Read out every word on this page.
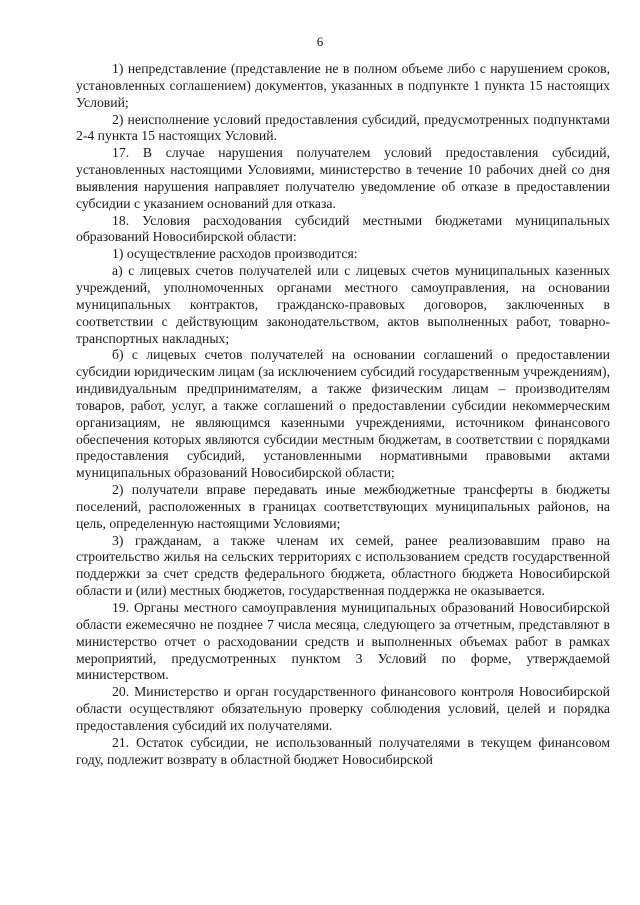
6

1) непредставление (представление не в полном объеме либо с нарушением сроков, установленных соглашением) документов, указанных в подпункте 1 пункта 15 настоящих Условий;

2) неисполнение условий предоставления субсидий, предусмотренных подпунктами 2-4 пункта 15 настоящих Условий.

17. В случае нарушения получателем условий предоставления субсидий, установленных настоящими Условиями, министерство в течение 10 рабочих дней со дня выявления нарушения направляет получателю уведомление об отказе в предоставлении субсидии с указанием оснований для отказа.

18. Условия расходования субсидий местными бюджетами муниципальных образований Новосибирской области:

1) осуществление расходов производится:

а) с лицевых счетов получателей или с лицевых счетов муниципальных казенных учреждений, уполномоченных органами местного самоуправления, на основании муниципальных контрактов, гражданско-правовых договоров, заключенных в соответствии с действующим законодательством, актов выполненных работ, товарно-транспортных накладных;

б) с лицевых счетов получателей на основании соглашений о предоставлении субсидии юридическим лицам (за исключением субсидий государственным учреждениям), индивидуальным предпринимателям, а также физическим лицам – производителям товаров, работ, услуг, а также соглашений о предоставлении субсидии некоммерческим организациям, не являющимся казенными учреждениями, источником финансового обеспечения которых являются субсидии местным бюджетам, в соответствии с порядками предоставления субсидий, установленными нормативными правовыми актами муниципальных образований Новосибирской области;

2) получатели вправе передавать иные межбюджетные трансферты в бюджеты поселений, расположенных в границах соответствующих муниципальных районов, на цель, определенную настоящими Условиями;

3) гражданам, а также членам их семей, ранее реализовавшим право на строительство жилья на сельских территориях с использованием средств государственной поддержки за счет средств федерального бюджета, областного бюджета Новосибирской области и (или) местных бюджетов, государственная поддержка не оказывается.

19. Органы местного самоуправления муниципальных образований Новосибирской области ежемесячно не позднее 7 числа месяца, следующего за отчетным, представляют в министерство отчет о расходовании средств и выполненных объемах работ в рамках мероприятий, предусмотренных пунктом 3 Условий по форме, утверждаемой министерством.

20. Министерство и орган государственного финансового контроля Новосибирской области осуществляют обязательную проверку соблюдения условий, целей и порядка предоставления субсидий их получателями.

21. Остаток субсидии, не использованный получателями в текущем финансовом году, подлежит возврату в областной бюджет Новосибирской
